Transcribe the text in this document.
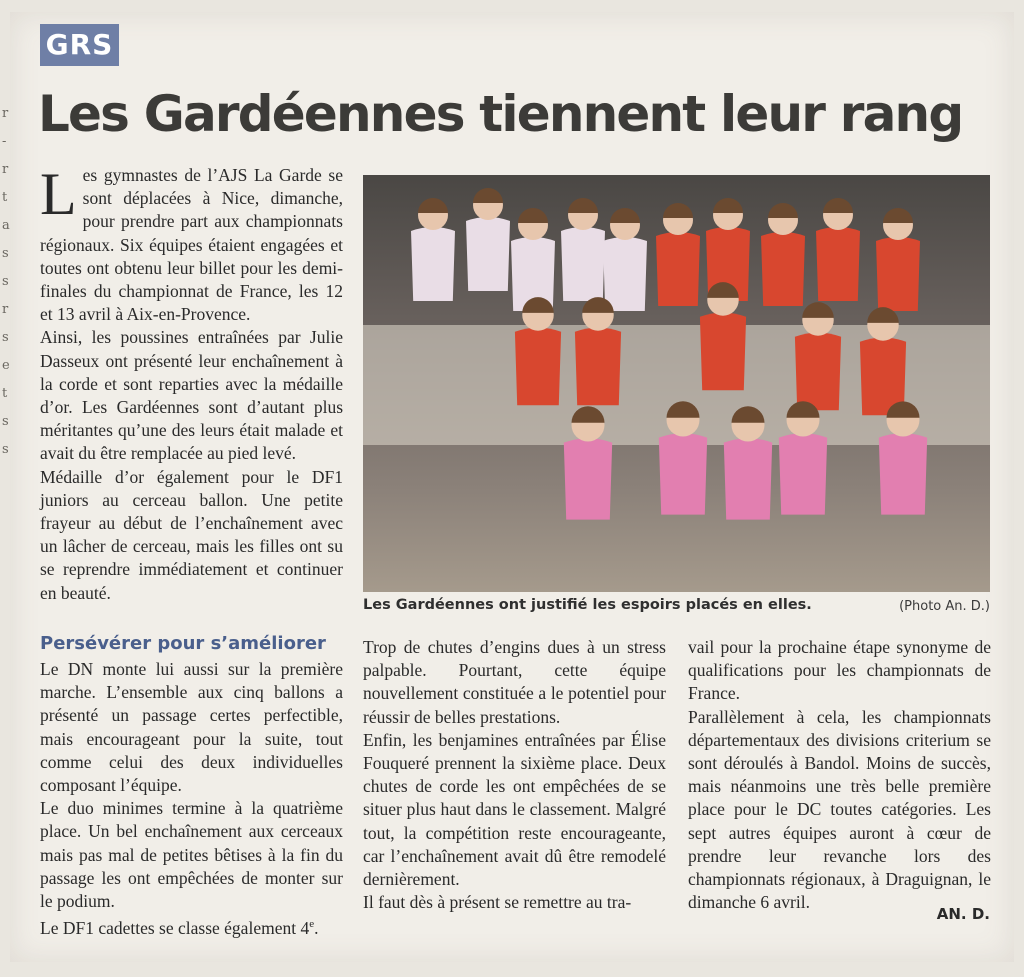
r
-
r
t
a
s
s
r
s
e
t
s
s
GRS
Les Gardéennes tiennent leur rang

Les gymnastes de l’AJS La Garde se sont déplacées à Nice, dimanche, pour prendre part aux championnats régionaux. Six équipes étaient engagées et toutes ont obtenu leur billet pour les demi-finales du championnat de France, les 12 et 13 avril à Aix-en-Provence.

Ainsi, les poussines entraînées par Julie Dasseux ont présenté leur enchaînement à la corde et sont reparties avec la médaille d’or. Les Gardéennes sont d’autant plus méritantes qu’une des leurs était malade et avait du être remplacée au pied levé.

Médaille d’or également pour le DF1 juniors au cerceau ballon. Une petite frayeur au début de l’enchaînement avec un lâcher de cerceau, mais les filles ont su se reprendre immédiatement et continuer en beauté.

Les Gardéennes ont justifié les espoirs placés en elles.	(Photo An. D.)
Persévérer pour s’améliorer

Le DN monte lui aussi sur la première marche. L’ensemble aux cinq ballons a présenté un passage certes perfectible, mais encourageant pour la suite, tout comme celui des deux individuelles composant l’équipe.

Le duo minimes termine à la quatrième place. Un bel enchaînement aux cerceaux mais pas mal de petites bêtises à la fin du passage les ont empêchées de monter sur le podium.

Le DF1 cadettes se classe également 4e.

Trop de chutes d’engins dues à un stress palpable. Pourtant, cette équipe nouvellement constituée a le potentiel pour réussir de belles prestations.

Enfin, les benjamines entraînées par Élise Fouqueré prennent la sixième place. Deux chutes de corde les ont empêchées de se situer plus haut dans le classement. Malgré tout, la compétition reste encourageante, car l’enchaînement avait dû être remodelé dernièrement.

Il faut dès à présent se remettre au tra-

vail pour la prochaine étape synonyme de qualifications pour les championnats de France.

Parallèlement à cela, les championnats départementaux des divisions criterium se sont déroulés à Bandol. Moins de succès, mais néanmoins une très belle première place pour le DC toutes catégories. Les sept autres équipes auront à cœur de prendre leur revanche lors des championnats régionaux, à Draguignan, le dimanche 6 avril.

AN. D.
